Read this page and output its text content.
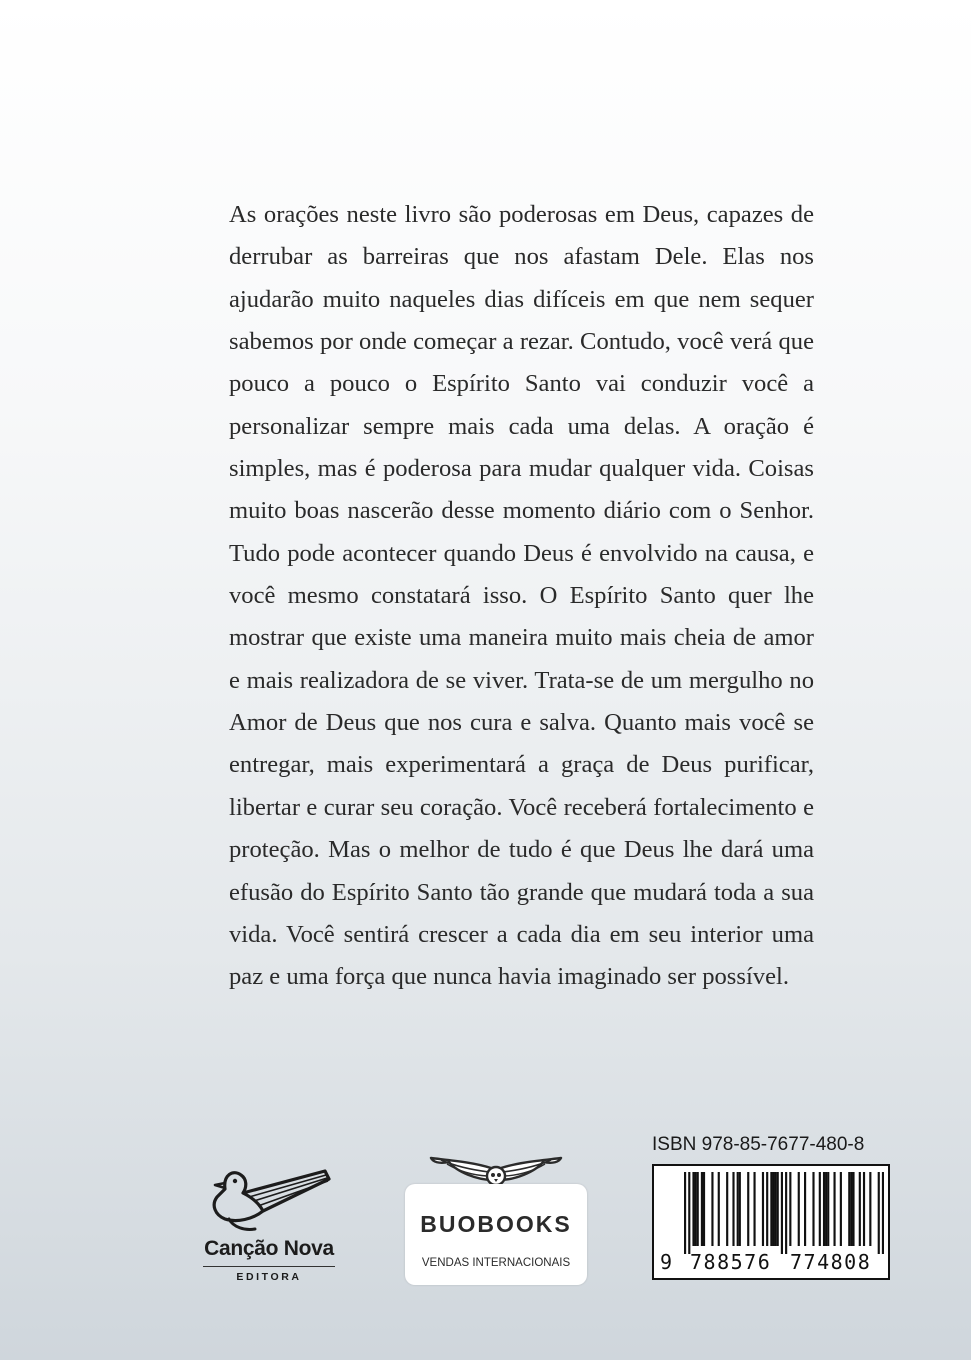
As orações neste livro são poderosas em Deus, capazes de derrubar as barreiras que nos afastam Dele. Elas nos ajudarão muito naqueles dias difíceis em que nem sequer sabemos por onde começar a rezar. Contudo, você verá que pouco a pouco o Espírito Santo vai conduzir você a personalizar sempre mais cada uma delas. A oração é simples, mas é poderosa para mudar qualquer vida. Coisas muito boas nascerão desse momento diário com o Senhor. Tudo pode acontecer quando Deus é envolvido na causa, e você mesmo constatará isso. O Espírito Santo quer lhe mostrar que existe uma maneira muito mais cheia de amor e mais realizadora de se viver. Trata-se de um mergulho no Amor de Deus que nos cura e salva. Quanto mais você se entregar, mais experimentará a graça de Deus purificar, libertar e curar seu coração. Você receberá fortalecimento e proteção. Mas o melhor de tudo é que Deus lhe dará uma efusão do Espírito Santo tão grande que mudará toda a sua vida. Você sentirá crescer a cada dia em seu interior uma paz e uma força que nunca havia imaginado ser possível.

Canção Nova
EDITORA
BUOBOOKS
VENDAS INTERNACIONAIS
ISBN 978-85-7677-480-8
9 788576 774808
